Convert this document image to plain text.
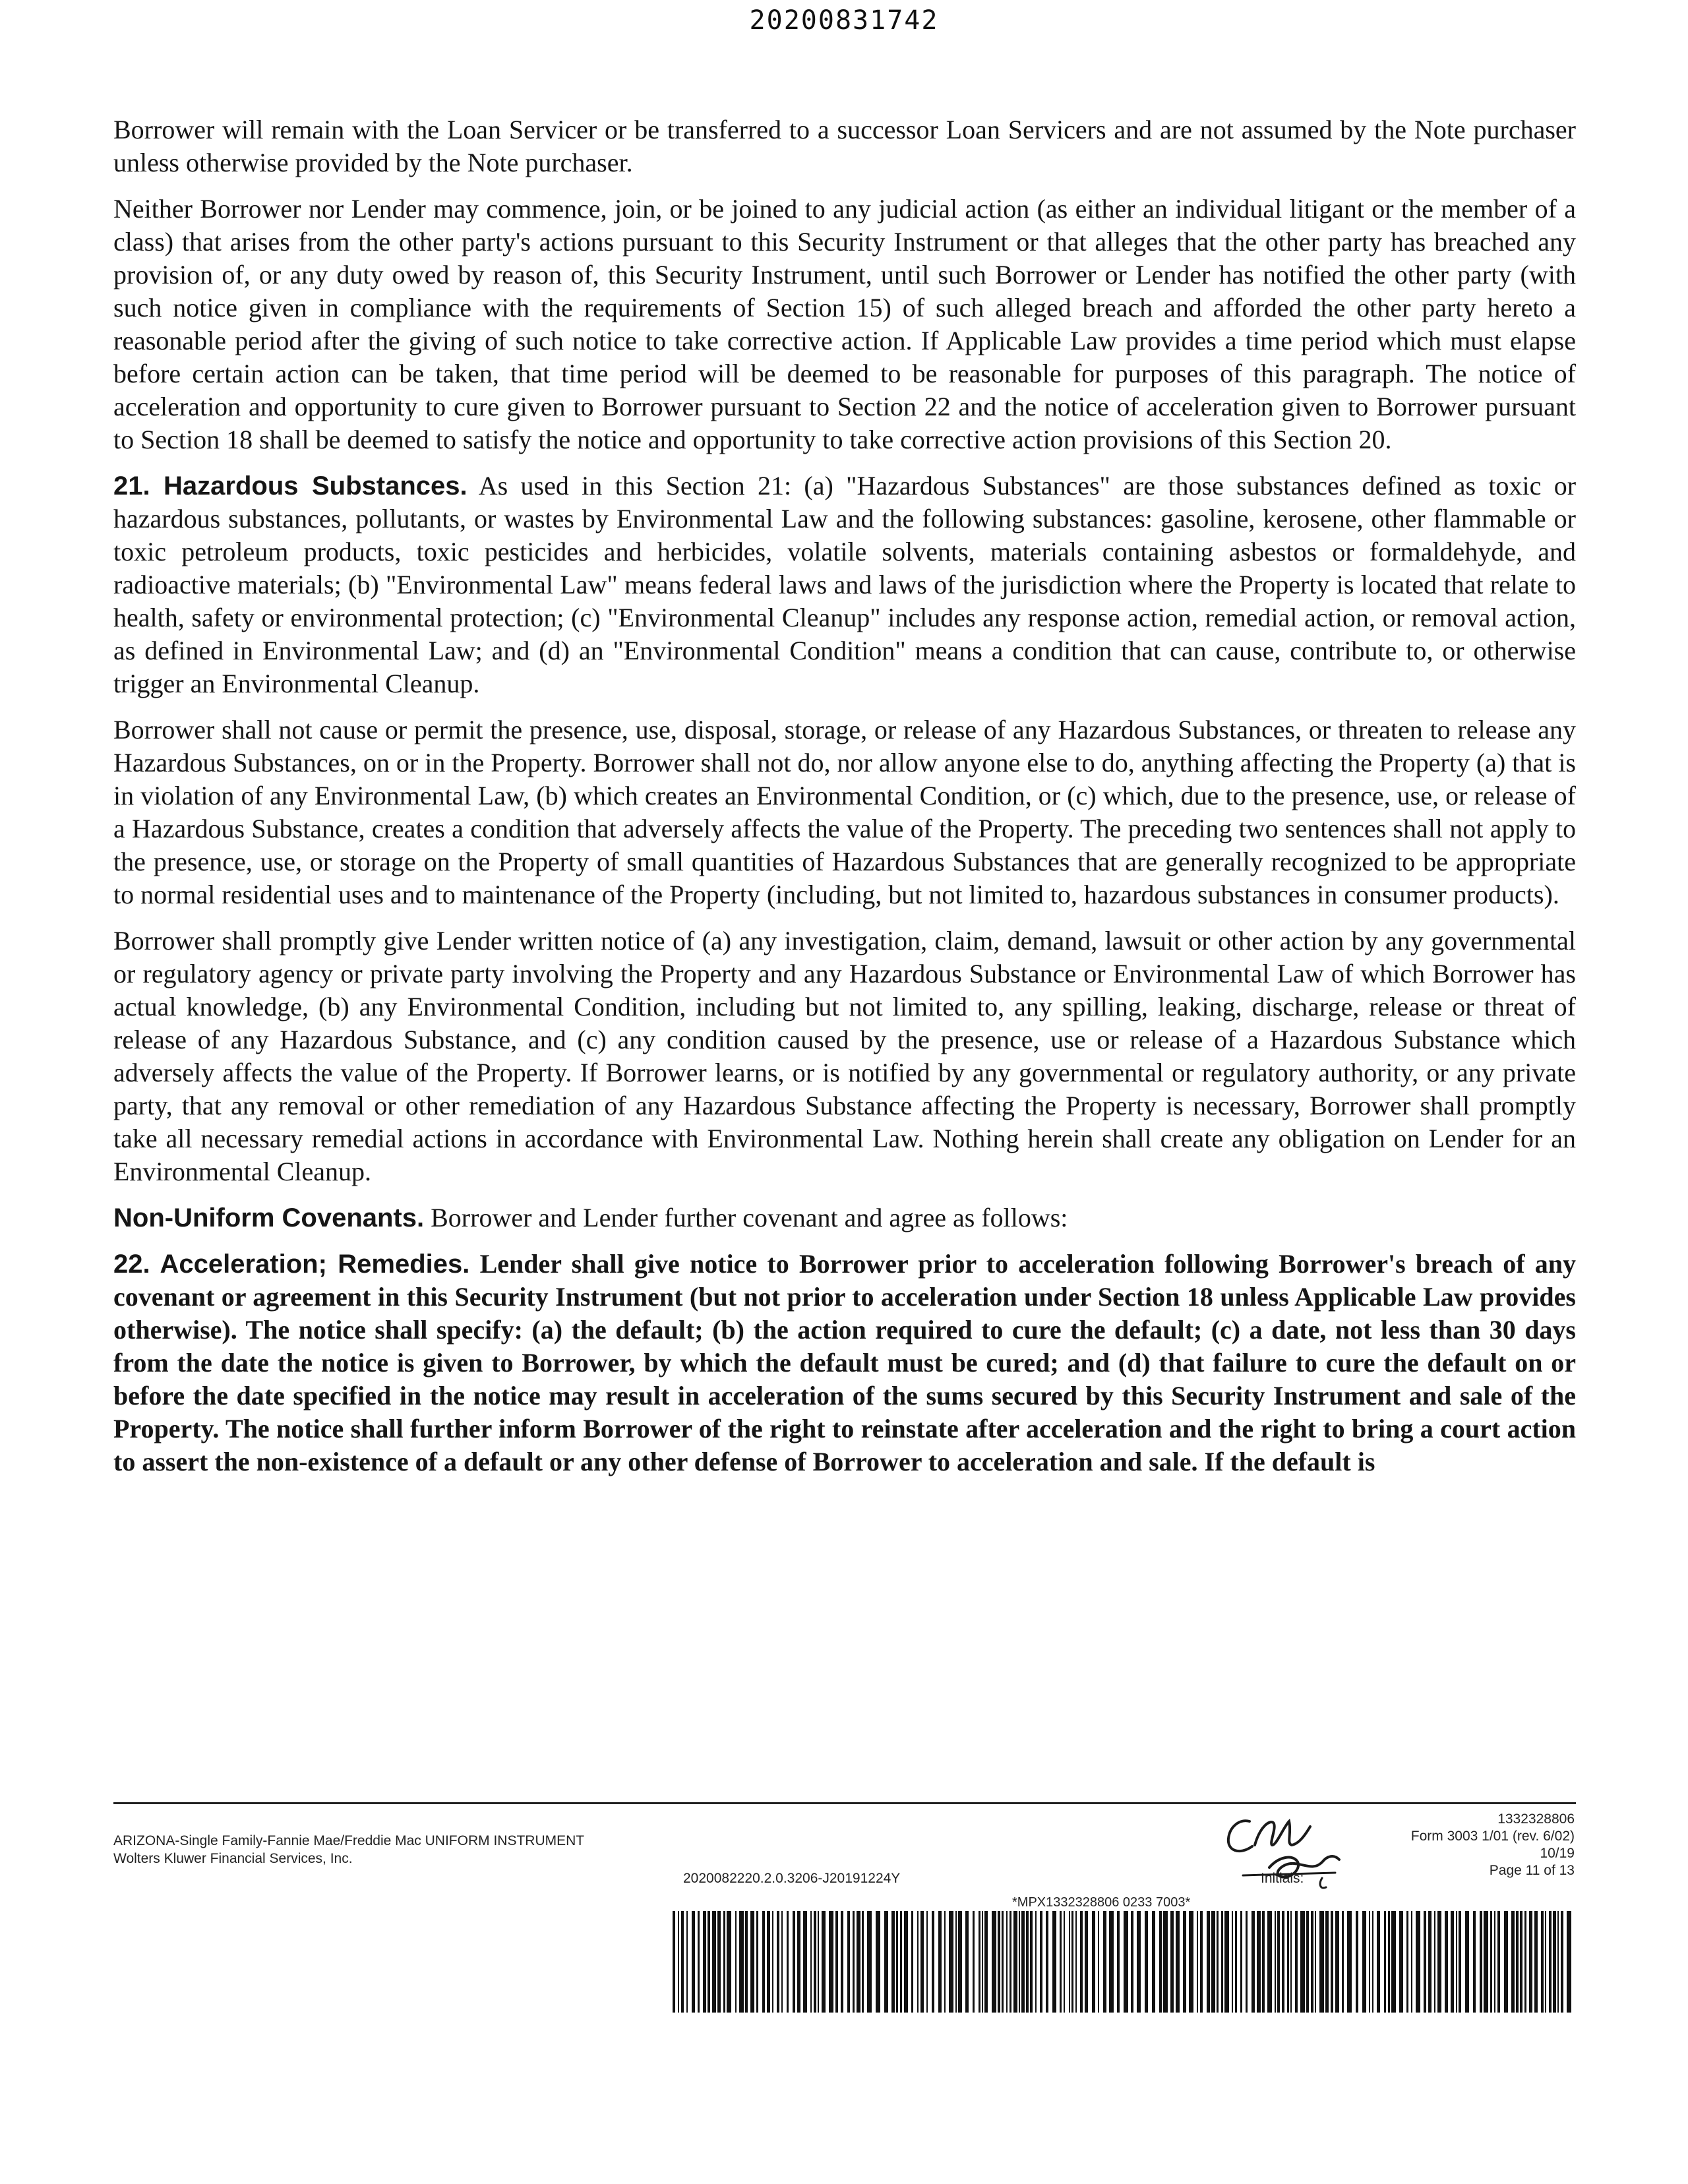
20200831742

Borrower will remain with the Loan Servicer or be transferred to a successor Loan Servicers and are not assumed by the Note purchaser unless otherwise provided by the Note purchaser.

Neither Borrower nor Lender may commence, join, or be joined to any judicial action (as either an individual litigant or the member of a class) that arises from the other party's actions pursuant to this Security Instrument or that alleges that the other party has breached any provision of, or any duty owed by reason of, this Security Instrument, until such Borrower or Lender has notified the other party (with such notice given in compliance with the requirements of Section 15) of such alleged breach and afforded the other party hereto a reasonable period after the giving of such notice to take corrective action. If Applicable Law provides a time period which must elapse before certain action can be taken, that time period will be deemed to be reasonable for purposes of this paragraph. The notice of acceleration and opportunity to cure given to Borrower pursuant to Section 22 and the notice of acceleration given to Borrower pursuant to Section 18 shall be deemed to satisfy the notice and opportunity to take corrective action provisions of this Section 20.

21. Hazardous Substances. As used in this Section 21: (a) "Hazardous Substances" are those substances defined as toxic or hazardous substances, pollutants, or wastes by Environmental Law and the following substances: gasoline, kerosene, other flammable or toxic petroleum products, toxic pesticides and herbicides, volatile solvents, materials containing asbestos or formaldehyde, and radioactive materials; (b) "Environmental Law" means federal laws and laws of the jurisdiction where the Property is located that relate to health, safety or environmental protection; (c) "Environmental Cleanup" includes any response action, remedial action, or removal action, as defined in Environmental Law; and (d) an "Environmental Condition" means a condition that can cause, contribute to, or otherwise trigger an Environmental Cleanup.

Borrower shall not cause or permit the presence, use, disposal, storage, or release of any Hazardous Substances, or threaten to release any Hazardous Substances, on or in the Property. Borrower shall not do, nor allow anyone else to do, anything affecting the Property (a) that is in violation of any Environmental Law, (b) which creates an Environmental Condition, or (c) which, due to the presence, use, or release of a Hazardous Substance, creates a condition that adversely affects the value of the Property. The preceding two sentences shall not apply to the presence, use, or storage on the Property of small quantities of Hazardous Substances that are generally recognized to be appropriate to normal residential uses and to maintenance of the Property (including, but not limited to, hazardous substances in consumer products).

Borrower shall promptly give Lender written notice of (a) any investigation, claim, demand, lawsuit or other action by any governmental or regulatory agency or private party involving the Property and any Hazardous Substance or Environmental Law of which Borrower has actual knowledge, (b) any Environmental Condition, including but not limited to, any spilling, leaking, discharge, release or threat of release of any Hazardous Substance, and (c) any condition caused by the presence, use or release of a Hazardous Substance which adversely affects the value of the Property. If Borrower learns, or is notified by any governmental or regulatory authority, or any private party, that any removal or other remediation of any Hazardous Substance affecting the Property is necessary, Borrower shall promptly take all necessary remedial actions in accordance with Environmental Law. Nothing herein shall create any obligation on Lender for an Environmental Cleanup.

Non-Uniform Covenants. Borrower and Lender further covenant and agree as follows:

22. Acceleration; Remedies. Lender shall give notice to Borrower prior to acceleration following Borrower's breach of any covenant or agreement in this Security Instrument (but not prior to acceleration under Section 18 unless Applicable Law provides otherwise). The notice shall specify: (a) the default; (b) the action required to cure the default; (c) a date, not less than 30 days from the date the notice is given to Borrower, by which the default must be cured; and (d) that failure to cure the default on or before the date specified in the notice may result in acceleration of the sums secured by this Security Instrument and sale of the Property. The notice shall further inform Borrower of the right to reinstate after acceleration and the right to bring a court action to assert the non-existence of a default or any other defense of Borrower to acceleration and sale. If the default is

ARIZONA-Single Family-Fannie Mae/Freddie Mac UNIFORM INSTRUMENT
Wolters Kluwer Financial Services, Inc.
2020082220.2.0.3206-J20191224Y
1332328806
Form 3003 1/01 (rev. 6/02)
10/19
Page 11 of 13
Initials:
*MPX1332328806 0233 7003*
